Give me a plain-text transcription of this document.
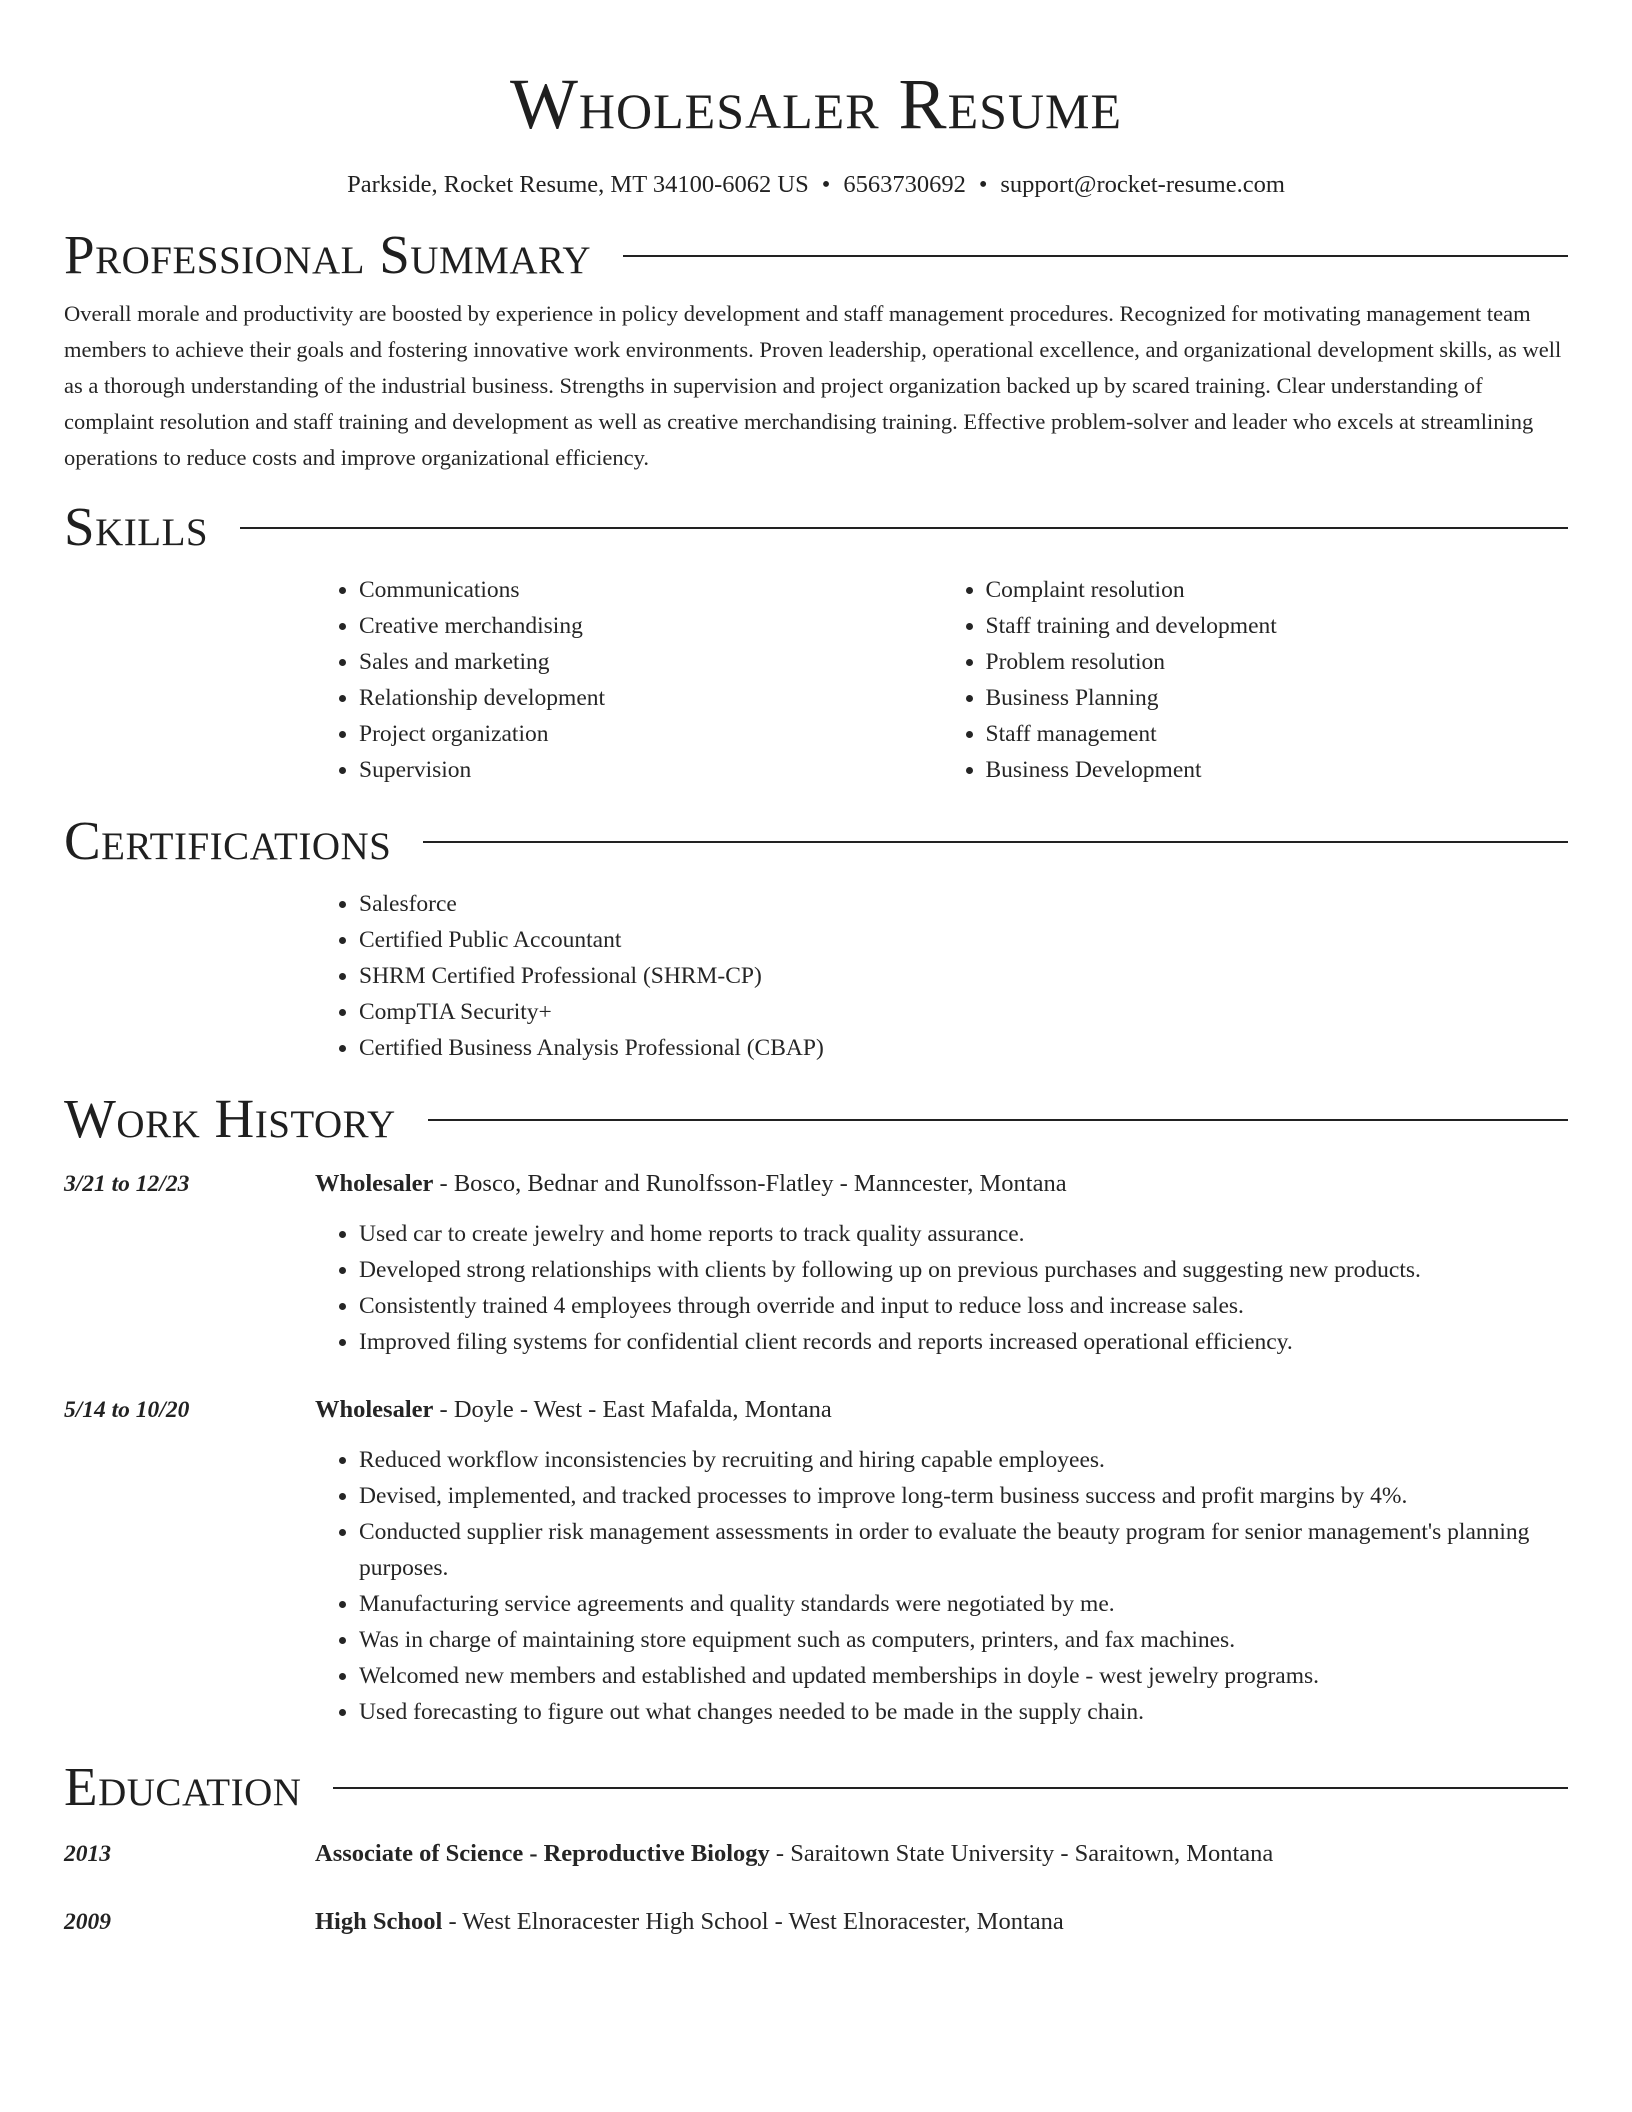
Wholesaler Resume
Parkside, Rocket Resume, MT 34100-6062 US • 6563730692 • support@rocket-resume.com
Professional Summary

Overall morale and productivity are boosted by experience in policy development and staff management procedures. Recognized for motivating management team members to achieve their goals and fostering innovative work environments. Proven leadership, operational excellence, and organizational development skills, as well as a thorough understanding of the industrial business. Strengths in supervision and project organization backed up by scared training. Clear understanding of complaint resolution and staff training and development as well as creative merchandising training. Effective problem-solver and leader who excels at streamlining operations to reduce costs and improve organizational efficiency.

Skills
• Communications
• Creative merchandising
• Sales and marketing
• Relationship development
• Project organization
• Supervision
• Complaint resolution
• Staff training and development
• Problem resolution
• Business Planning
• Staff management
• Business Development
Certifications
• Salesforce
• Certified Public Accountant
• SHRM Certified Professional (SHRM-CP)
• CompTIA Security+
• Certified Business Analysis Professional (CBAP)
Work History
3/21 to 12/23	Wholesaler - Bosco, Bednar and Runolfsson-Flatley - Manncester, Montana
• Used car to create jewelry and home reports to track quality assurance.
• Developed strong relationships with clients by following up on previous purchases and suggesting new products.
• Consistently trained 4 employees through override and input to reduce loss and increase sales.
• Improved filing systems for confidential client records and reports increased operational efficiency.
5/14 to 10/20	Wholesaler - Doyle - West - East Mafalda, Montana
• Reduced workflow inconsistencies by recruiting and hiring capable employees.
• Devised, implemented, and tracked processes to improve long-term business success and profit margins by 4%.
• Conducted supplier risk management assessments in order to evaluate the beauty program for senior management's planning purposes.
• Manufacturing service agreements and quality standards were negotiated by me.
• Was in charge of maintaining store equipment such as computers, printers, and fax machines.
• Welcomed new members and established and updated memberships in doyle - west jewelry programs.
• Used forecasting to figure out what changes needed to be made in the supply chain.
Education
2013	Associate of Science - Reproductive Biology - Saraitown State University - Saraitown, Montana
2009	High School - West Elnoracester High School - West Elnoracester, Montana
